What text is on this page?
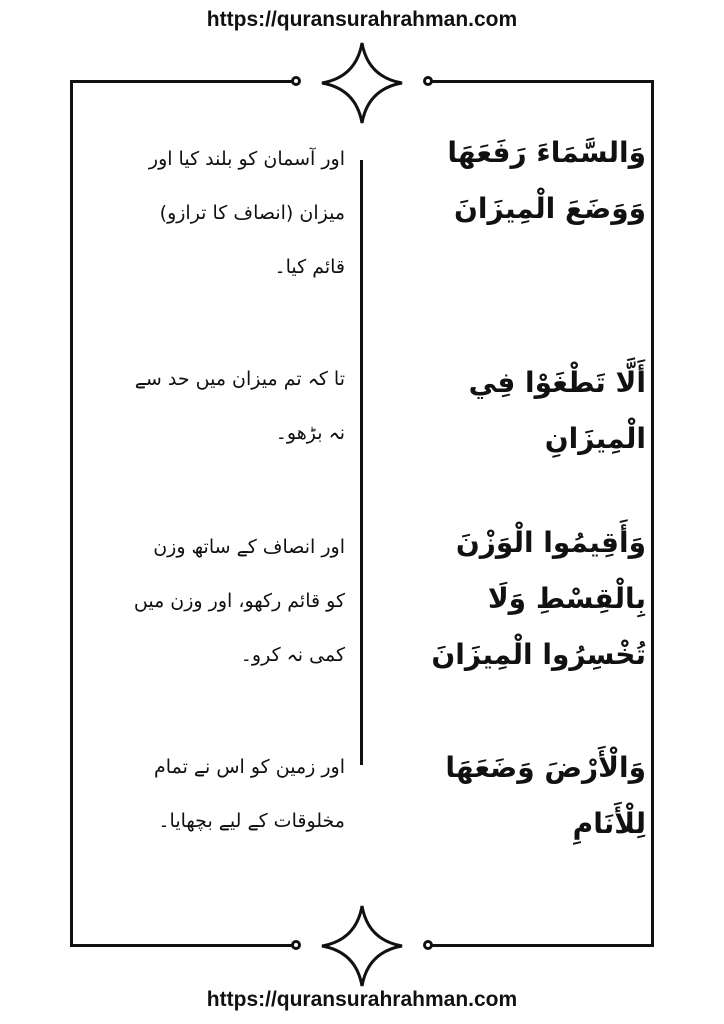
https://quransurahrahman.com
وَالسَّمَاءَ رَفَعَهَا
وَوَضَعَ الْمِيزَانَ
اور آسمان کو بلند کیا اور
میزان (انصاف کا ترازو)
قائم کیا۔
أَلَّا تَطْغَوْا فِي
الْمِيزَانِ
تا کہ تم میزان میں حد سے
نہ بڑھو۔
وَأَقِيمُوا الْوَزْنَ
بِالْقِسْطِ وَلَا
تُخْسِرُوا الْمِيزَانَ
اور انصاف کے ساتھ وزن
کو قائم رکھو، اور وزن میں
کمی نہ کرو۔
وَالْأَرْضَ وَضَعَهَا
لِلْأَنَامِ
اور زمین کو اس نے تمام
مخلوقات کے لیے بچھایا۔
https://quransurahrahman.com
